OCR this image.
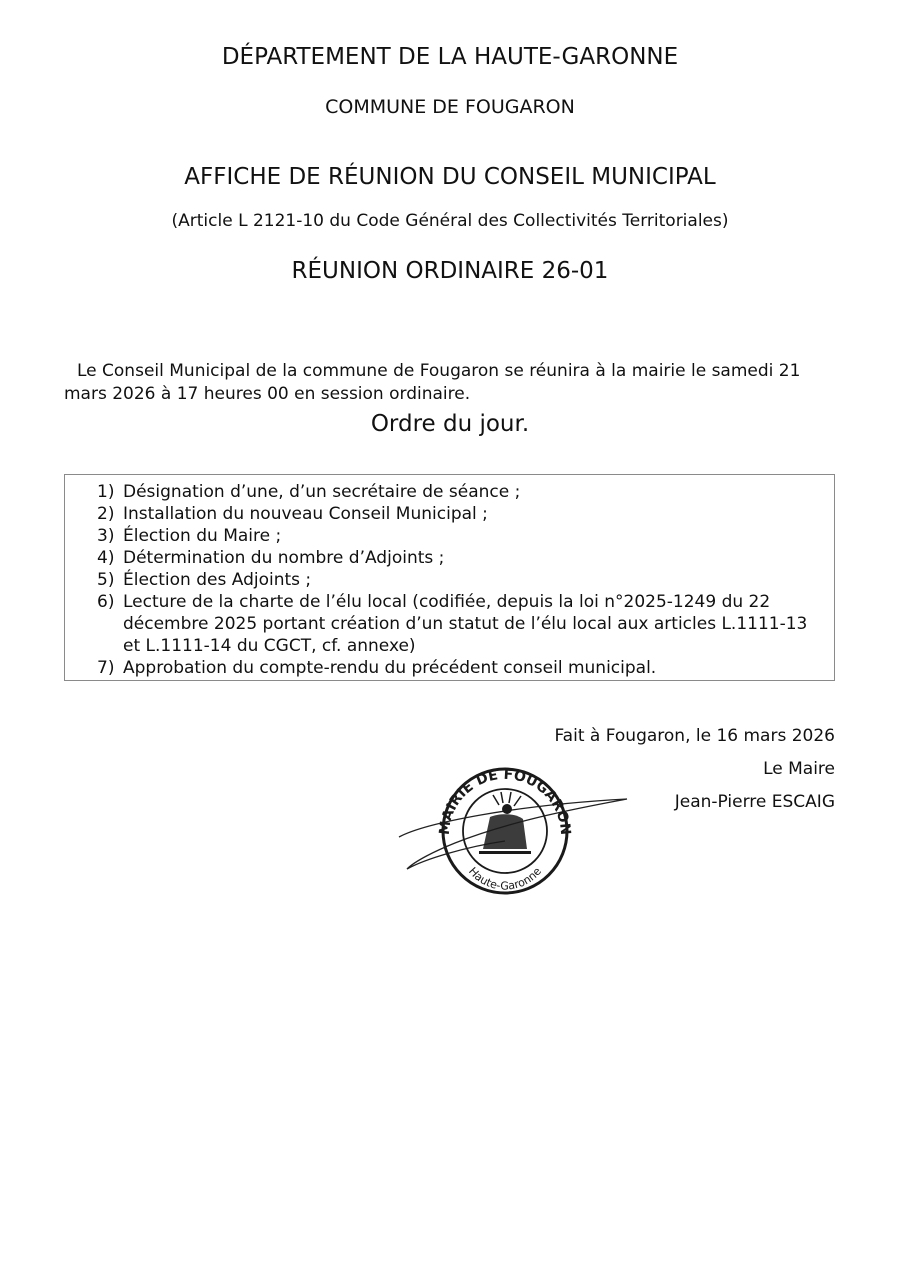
DÉPARTEMENT DE LA HAUTE-GARONNE
COMMUNE DE FOUGARON
AFFICHE DE RÉUNION DU CONSEIL MUNICIPAL
(Article L 2121-10 du Code Général des Collectivités Territoriales)
RÉUNION ORDINAIRE 26-01

Le Conseil Municipal de la commune de Fougaron se réunira à la mairie le samedi 21 mars 2026 à 17 heures 00 en session ordinaire.

Ordre du jour.
1) Désignation d’une, d’un secrétaire de séance ;
2) Installation du nouveau Conseil Municipal ;
3) Élection du Maire ;
4) Détermination du nombre d’Adjoints ;
5) Élection des Adjoints ;
6) Lecture de la charte de l’élu local (codifiée, depuis la loi n°2025-1249 du 22 décembre 2025 portant création d’un statut de l’élu local aux articles L.1111-13 et L.1111-14 du CGCT, cf. annexe)
7) Approbation du compte-rendu du précédent conseil municipal.
MAIRIE DE FOUGARON
Haute-Garonne
Fait à Fougaron, le 16 mars 2026
Le Maire
Jean-Pierre ESCAIG
